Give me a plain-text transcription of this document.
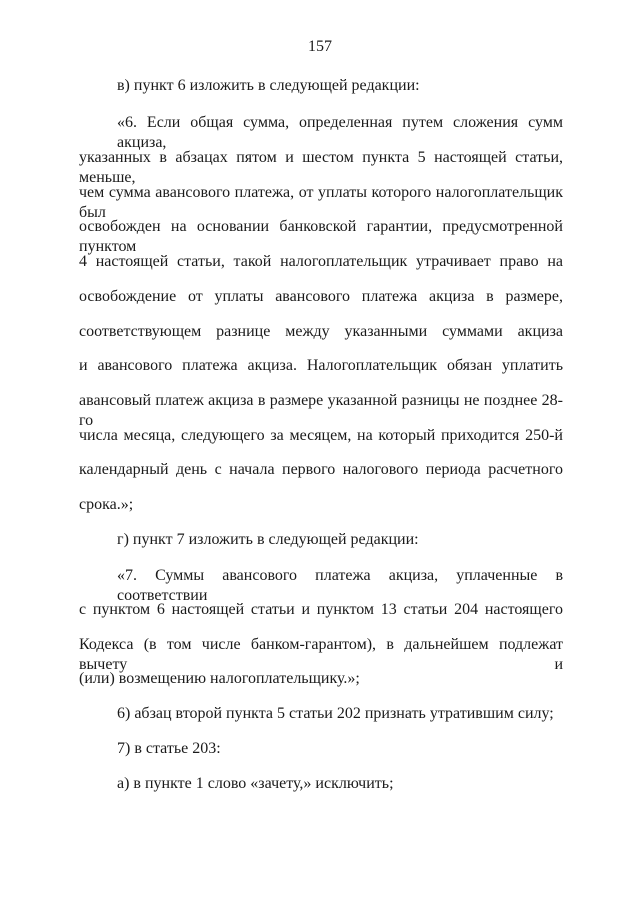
157
в) пункт 6 изложить в следующей редакции:
«6. Если общая сумма, определенная путем сложения сумм акциза,
указанных в абзацах пятом и шестом пункта 5 настоящей статьи, меньше,
чем сумма авансового платежа, от уплаты которого налогоплательщик был
освобожден на основании банковской гарантии, предусмотренной пунктом
4 настоящей статьи, такой налогоплательщик утрачивает право на
освобождение от уплаты авансового платежа акциза в размере,
соответствующем разнице между указанными суммами акциза
и авансового платежа акциза. Налогоплательщик обязан уплатить
авансовый платеж акциза в размере указанной разницы не позднее 28-го
числа месяца, следующего за месяцем, на который приходится 250-й
календарный день с начала первого налогового периода расчетного
срока.»;
г) пункт 7 изложить в следующей редакции:
«7. Суммы авансового платежа акциза, уплаченные в соответствии
с пунктом 6 настоящей статьи и пунктом 13 статьи 204 настоящего
Кодекса (в том числе банком-гарантом), в дальнейшем подлежат вычету и
(или) возмещению налогоплательщику.»;
6) абзац второй пункта 5 статьи 202 признать утратившим силу;
7) в статье 203:
а) в пункте 1 слово «зачету,» исключить;
